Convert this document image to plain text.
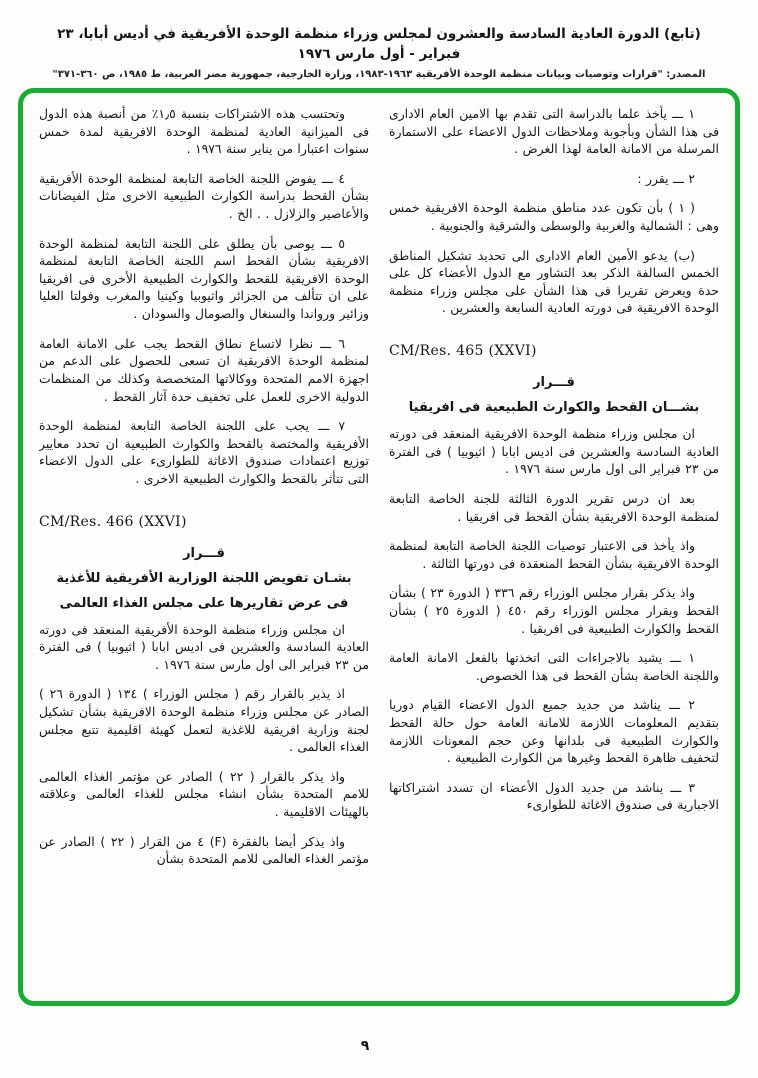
(تابع) الدورة العادية السادسة والعشرون لمجلس وزراء منظمة الوحدة الأفريقية في أديس أبابا، ٢٣ فبراير - أول مارس ١٩٧٦
المصدر: "قرارات وتوصيات وبيانات منظمة الوحدة الأفريقية ١٩٦٣-١٩٨٣، وزارة الخارجية، جمهورية مصر العربية، ط ١٩٨٥، ص ٣٦٠-٣٧١"

١ ـــ يأخذ علما بالدراسة التى تقدم بها الامين العام الادارى فى هذا الشأن وبأجوبة وملاحظات الدول الاعضاء على الاستمارة المرسلة من الامانة العامة لهذا الغرض .

٢ ـــ يقرر :

( ١ ) بأن تكون عدد مناطق منظمة الوحدة الافريقية خمس وهى : الشمالية والغربية والوسطى والشرقية والجنوبية .

(ب) يدعو الأمين العام الادارى الى تحديد تشكيل المناطق الخمس السالفة الذكر بعد التشاور مع الدول الأعضاء كل على حدة ويعرض تقريرا فى هذا الشأن على مجلس وزراء منظمة الوحدة الافريقية فى دورته العادية السابعة والعشرين .

CM/Res. 465 (XXVI)

قـــرار

بشـــان القحط والكوارث الطبيعية فى افريقيا

ان مجلس وزراء منظمة الوحدة الافريقية المنعقد فى دورته العادية السادسة والعشرين فى اديس ابابا ( اثيوبيا ) فى الفترة من ٢٣ فبراير الى اول مارس سنة ١٩٧٦ .

بعد ان درس تقرير الدورة الثالثة للجنة الخاصة التابعة لمنظمة الوحدة الافريقية بشأن القحط فى افريقيا .

واذ يأخذ فى الاعتبار توصيات اللجنة الخاصة التابعة لمنظمة الوحدة الافريقية بشأن القحط المنعقدة فى دورتها الثالثة .

واذ يذكر بقرار مجلس الوزراء رقم ٣٣٦ ( الدورة ٢٣ ) بشأن القحط وبقرار مجلس الوزراء رقم ٤٥٠ ( الدورة ٢٥ ) بشأن القحط والكوارث الطبيعية فى افريقيا .

١ ـــ يشيد بالاجراءات التى اتخذتها بالفعل الامانة العامة واللجنة الخاصة بشأن القحط فى هذا الخصوص.

٢ ـــ يناشد من جديد جميع الدول الاعضاء القيام دوريا بتقديم المعلومات اللازمة للامانة العامة حول حالة القحط والكوارث الطبيعية فى بلدانها وعن حجم المعونات اللازمة لتخفيف ظاهرة القحط وغيرها من الكوارث الطبيعية .

٣ ـــ يناشد من جديد الدول الأعضاء ان تسدد اشتراكاتها الاجبارية فى صندوق الاغاثة للطوارىء

وتحتسب هذه الاشتراكات بنسبة ١٫٥٪ من أنصبة هذه الدول فى الميزانية العادية لمنظمة الوحدة الافريقية لمدة خمس سنوات اعتبارا من يناير سنة ١٩٧٦ .

٤ ـــ يفوض اللجنة الخاصة التابعة لمنظمة الوحدة الأفريقية بشأن القحط بدراسة الكوارث الطبيعية الاخرى مثل الفيضانات والأعاصير والزلازل . . الخ .

٥ ـــ يوصى بأن يطلق على اللجنة التابعة لمنظمة الوحدة الافريقية بشأن القحط اسم اللجنة الخاصة التابعة لمنظمة الوحدة الافريقية للقحط والكوارث الطبيعية الأخرى فى افريقيا على ان تتألف من الجزائر واثيوبيا وكينيا والمغرب وفولتا العليا وزائير ورواندا والسنغال والصومال والسودان .

٦ ـــ نظرا لاتساع نطاق القحط يجب على الامانة العامة لمنظمة الوحدة الافريقية ان تسعى للحصول على الدعم من اجهزة الامم المتحدة ووكالاتها المتخصصة وكذلك من المنظمات الدولية الاخرى للعمل على تخفيف حدة آثار القحط .

٧ ـــ يجب على اللجنة الخاصة التابعة لمنظمة الوحدة الأفريقية والمختصة بالقحط والكوارث الطبيعية ان تحدد معايير توزيع اعتمادات صندوق الاغاثة للطوارىء على الدول الاعضاء التى تتأثر بالقحط والكوارث الطبيعية الاخرى .

CM/Res. 466 (XXVI)

قـــرار

بشـان تفويض اللجنة الوزارية الأفريقية للأغذية

فى عرض تقاريرها على مجلس الغذاء العالمى

ان مجلس وزراء منظمة الوحدة الأفريقية المنعقد فى دورته العادية السادسة والعشرين فى اديس ابابا ( اثيوبيا ) فى الفترة من ٢٣ فبراير الى اول مارس سنة ١٩٧٦ .

اذ يذير بالقرار رقم ( مجلس الوزراء ) ١٣٤ ( الدورة ٢٦ ) الصادر عن مجلس وزراء منظمة الوحدة الافريقية بشأن تشكيل لجنة وزارية افريقية للاغذية لتعمل كهيئة اقليمية تتبع مجلس الغذاء العالمى .

واذ يذكر بالقرار ( ٢٢ ) الصادر عن مؤتمر الغذاء العالمى للامم المتحدة بشأن انشاء مجلس للغذاء العالمى وعلاقته بالهيئات الاقليمية .

واذ يذكر أيضا بالفقرة (F) ٤ من القرار ( ٢٢ ) الصادر عن مؤتمر الغذاء العالمى للامم المتحدة بشأن

٩
